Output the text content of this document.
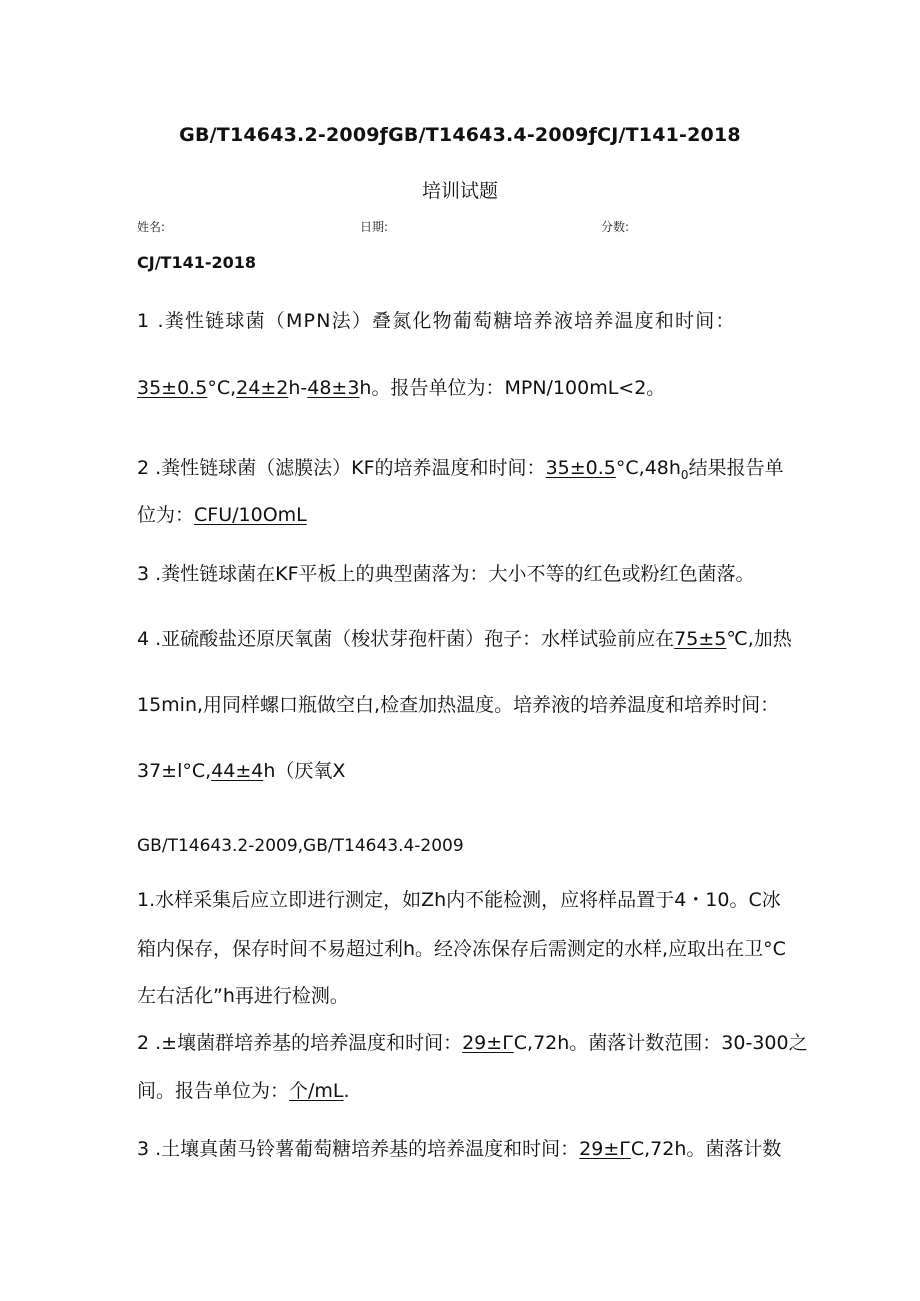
GB/T14643.2-2009ƒGB/T14643.4-2009ƒCJ/T141-2018
培训试题
姓名:	日期:	分数:
CJ/T141-2018
1 .粪性链球菌（MPN法）叠氮化物葡萄糖培养液培养温度和时间：
35±0.5°C,24±2h-48±3h。报告单位为：MPN∕100mL<2。
2 .粪性链球菌（滤膜法）KF的培养温度和时间：$35\pm 0.5^\circ C,48h_0$结果报告单
位为：CFU/10OmL
3 .粪性链球菌在KF平板上的典型菌落为：大小不等的红色或粉红色菌落。
4 .亚硫酸盐还原厌氧菌（梭状芽孢杆菌）孢子：水样试验前应在75±5℃,加热
15min,用同样螺口瓶做空白,检查加热温度。培养液的培养温度和培养时间：
37±l°C,44±4h（厌氧X
GB/T14643.2-2009,GB/T14643.4-2009
1.水样采集后应立即进行测定，如Zh内不能检测，应将样品置于4・10。C冰
箱内保存，保存时间不易超过利h。经冷冻保存后需测定的水样,应取出在卫°C
左右活化”h再进行检测。
2 .±壤菌群培养基的培养温度和时间：29±ГC,72h。菌落计数范围：30-300之
间。报告单位为：个∕mL.
3 .土壤真菌马铃薯葡萄糖培养基的培养温度和时间：29±ГC,72h。菌落计数
